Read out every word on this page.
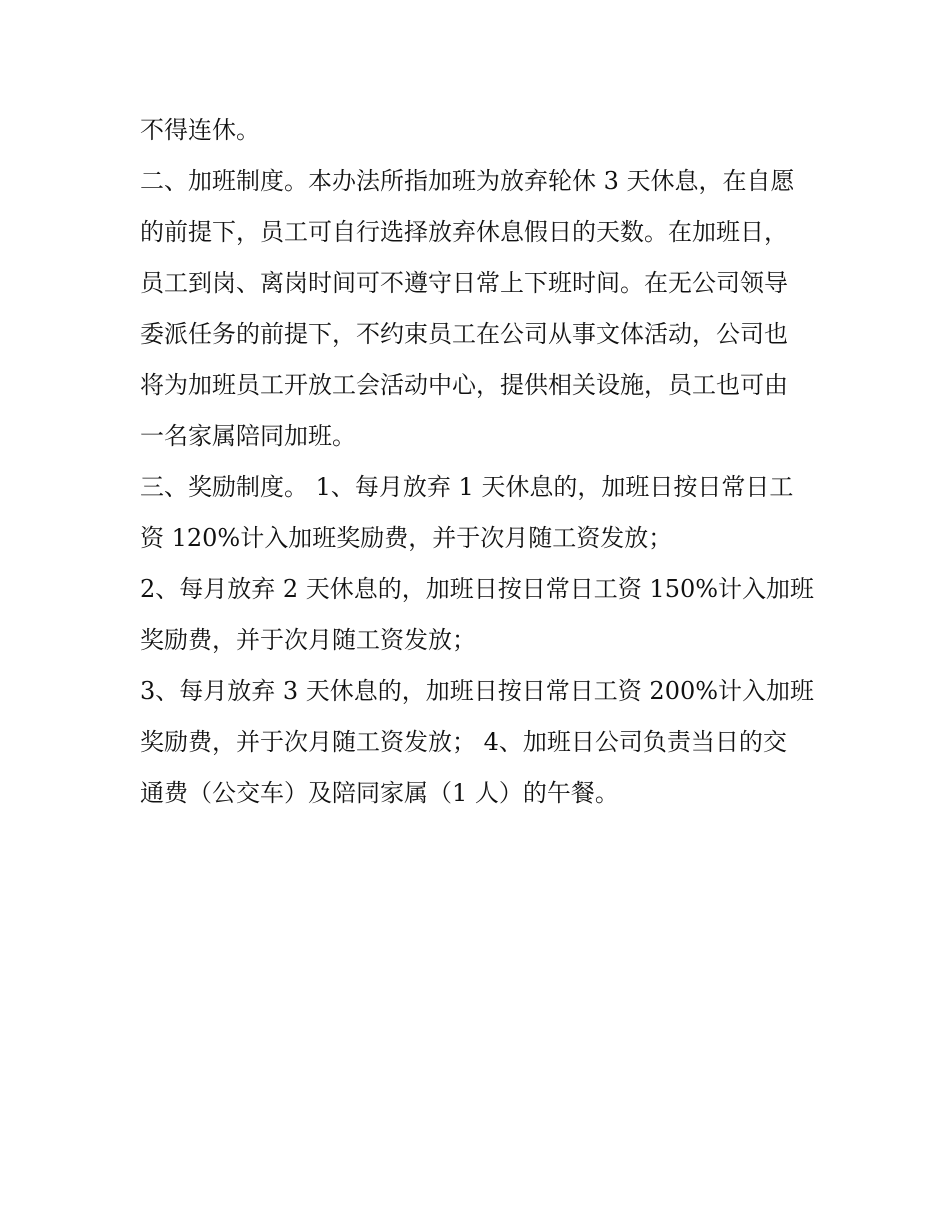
不得连休。
二、加班制度。本办法所指加班为放弃轮休 3 天休息，在自愿
的前提下，员工可自行选择放弃休息假日的天数。在加班日，
员工到岗、离岗时间可不遵守日常上下班时间。在无公司领导
委派任务的前提下，不约束员工在公司从事文体活动，公司也
将为加班员工开放工会活动中心，提供相关设施，员工也可由
一名家属陪同加班。
三、奖励制度。 1、每月放弃 1 天休息的，加班日按日常日工
资 120%计入加班奖励费，并于次月随工资发放；
2、每月放弃 2 天休息的，加班日按日常日工资 150%计入加班
奖励费，并于次月随工资发放；
3、每月放弃 3 天休息的，加班日按日常日工资 200%计入加班
奖励费，并于次月随工资发放； 4、加班日公司负责当日的交
通费（公交车）及陪同家属（1 人）的午餐。
